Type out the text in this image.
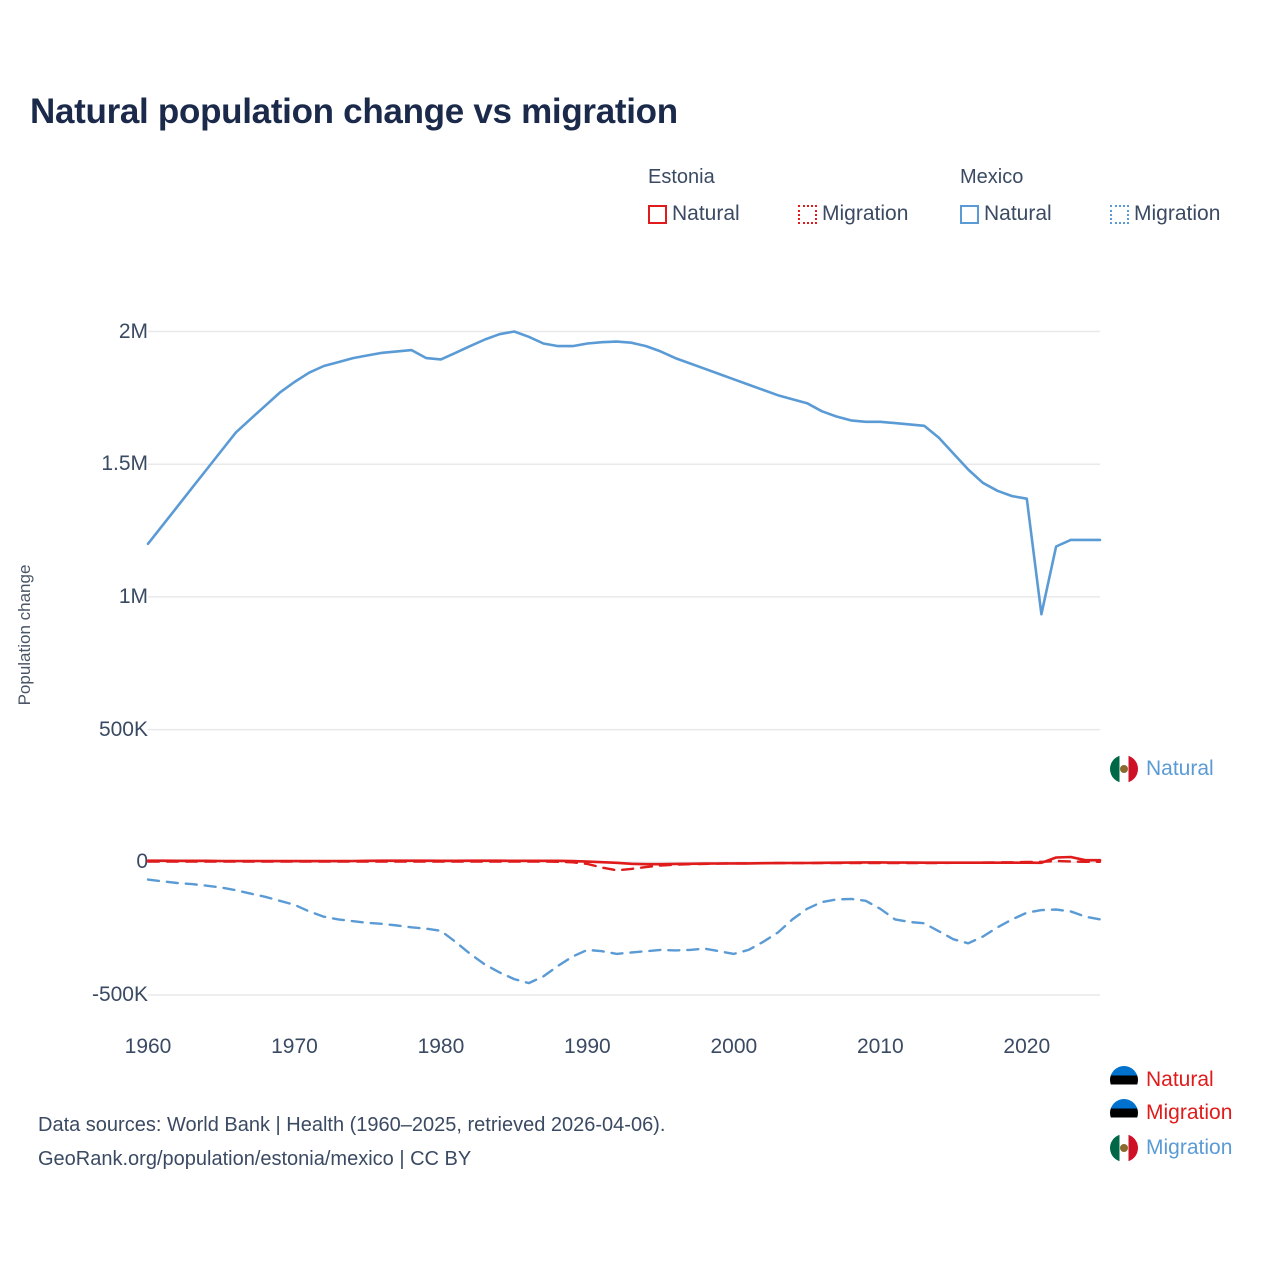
Natural population change vs migration
Estonia	Mexico
Natural	Migration	Natural	Migration
Population change
2M
1.5M
1M
500K
0
-500K
1960	1970	1980	1990	2000	2010	2020
Natural
Natural
Migration
Migration
Data sources: World Bank | Health (1960–2025, retrieved 2026-04-06).
GeoRank.org/population/estonia/mexico | CC BY
